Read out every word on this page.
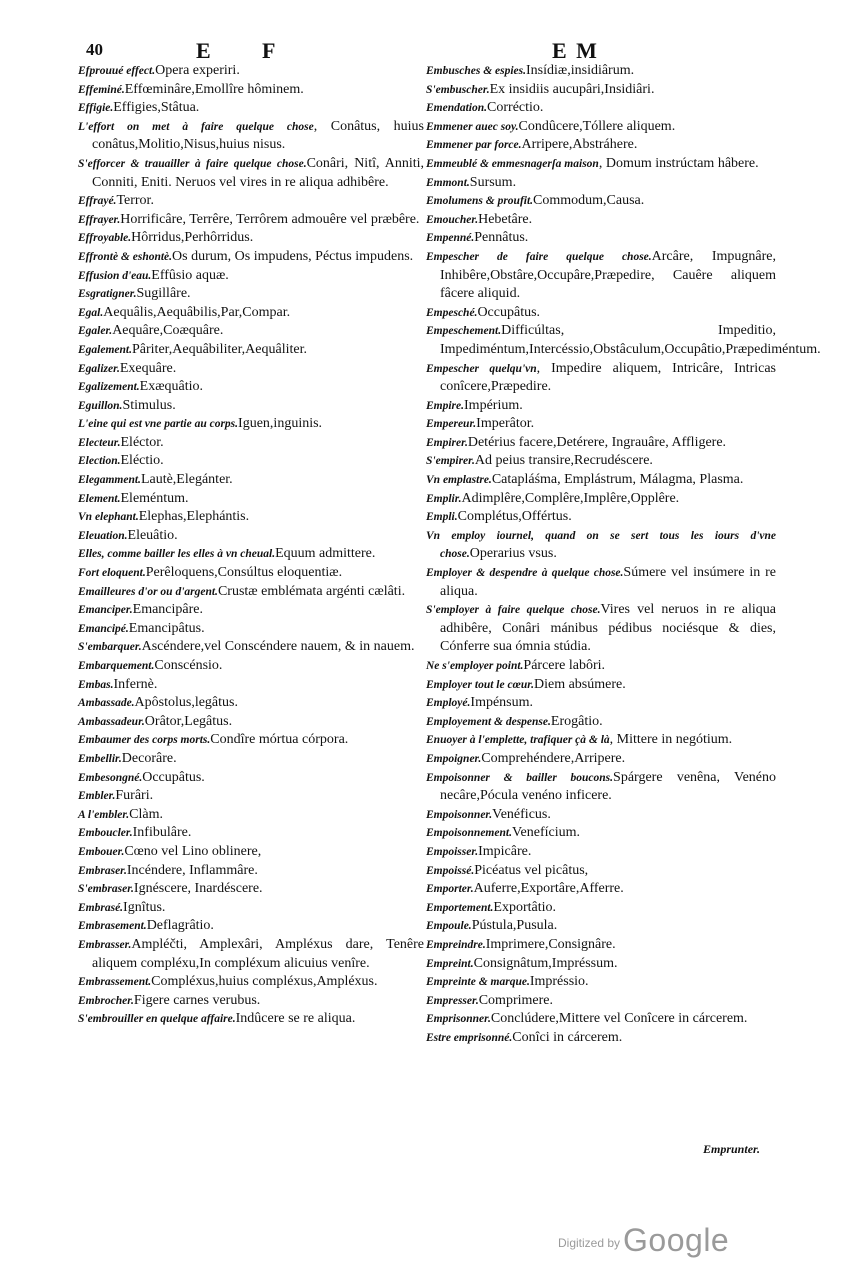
40	E F	E M
Efprouué effect.Opera experiri.
Effeminé.Effœminâre,Emollîre hôminem.
Effigie.Effigies,Stâtua.
L'effort on met à faire quelque chose, Conâtus, huius conâtus,Molitio,Nisus,huius nisus.
S'efforcer & trauailler à faire quelque chose.Conâri, Nitî, Anniti, Conniti, Eniti. Neruos vel vires in re aliqua adhibêre.
Effrayé.Terror.
Effrayer.Horrificâre, Terrêre, Terrôrem admouêre vel præbêre.
Effroyable.Hôrridus,Perhôrridus.
Effrontè & eshontè.Os durum, Os impudens, Péctus impudens.
Effusion d'eau.Effûsio aquæ.
Esgratigner.Sugillâre.
Egal.Aequâlis,Aequâbilis,Par,Compar.
Egaler.Aequâre,Coæquâre.
Egalement.Pâriter,Aequâbiliter,Aequâliter.
Egalizer.Exequâre.
Egalizement.Exæquâtio.
Eguillon.Stimulus.
L'eine qui est vne partie au corps.Iguen,inguinis.
Electeur.Eléctor.
Election.Eléctio.
Elegamment.Lautè,Elegánter.
Element.Eleméntum.
Vn elephant.Elephas,Elephántis.
Eleuation.Eleuâtio.
Elles, comme bailler les elles à vn cheual.Equum admittere.
Fort eloquent.Perêloquens,Consúltus eloquentiæ.
Emailleures d'or ou d'argent.Crustæ emblémata argénti cælâti.
Emanciper.Emancipâre.
Emancipé.Emancipâtus.
S'embarquer.Ascéndere,vel Conscéndere nauem, & in nauem.
Embarquement.Conscénsio.
Embas.Infernè.
Ambassade.Apôstolus,legâtus.
Ambassadeur.Orâtor,Legâtus.
Embaumer des corps morts.Condîre mórtua córpora.
Embellir.Decorâre.
Embesongné.Occupâtus.
Embler.Furâri.
A l'embler.Clàm.
Emboucler.Infibulâre.
Embouer.Cœno vel Lino oblinere,
Embraser.Incéndere, Inflammâre.
S'embraser.Ignéscere, Inardéscere.
Embrasé.Ignîtus.
Embrasement.Deflagrâtio.
Embrasser.Ampléčti, Amplexâri, Ampléxus dare, Tenêre aliquem compléxu,In compléxum alicuius venîre.
Embrassement.Compléxus,huius compléxus,Ampléxus.
Embrocher.Figere carnes verubus.
S'embrouiller en quelque affaire.Indûcere se re aliqua.
Embusches & espies.Insídiæ,insidiârum.
S'embuscher.Ex insidiis aucupâri,Insidiâri.
Emendation.Corréctio.
Emmener auec soy.Condûcere,Tóllere aliquem.
Emmener par force.Arripere,Abstráhere.
Emmeublé & emmesnagerſa maison, Domum instrúctam hâbere.
Emmont.Sursum.
Emolumens & proufit.Commodum,Causa.
Emoucher.Hebetâre.
Empenné.Pennâtus.
Empescher de faire quelque chose.Arcâre, Impugnâre, Inhibêre,Obstâre,Occupâre,Præpedire, Cauêre aliquem fâcere aliquid.
Empesché.Occupâtus.
Empeschement.Difficúltas, Impeditio, Impediméntum,Intercéssio,Obstâculum,Occupâtio,Præpediméntum.
Empescher quelqu'vn, Impedire aliquem, Intricâre, Intricas conîcere,Præpedire.
Empire.Impérium.
Empereur.Imperâtor.
Empirer.Detérius facere,Detérere, Ingrauâre, Affligere.
S'empirer.Ad peius transire,Recrudéscere.
Vn emplastre.Catapláśma, Emplástrum, Málagma, Plasma.
Emplir.Adimplêre,Complêre,Implêre,Opplêre.
Empli.Complétus,Offértus.
Vn employ iournel, quand on se sert tous les iours d'vne chose.Operarius vsus.
Employer & despendre à quelque chose.Súmere vel insúmere in re aliqua.
S'employer à faire quelque chose.Vires vel neruos in re aliqua adhibêre, Conâri mánibus pédibus nociésque & dies, Cónferre sua ómnia stúdia.
Ne s'employer point.Párcere labôri.
Employer tout le cœur.Diem absúmere.
Employé.Impénsum.
Employement & despense.Erogâtio.
Enuoyer à l'emplette, trafiquer çà & là, Mittere in negótium.
Empoigner.Comprehéndere,Arripere.
Empoisonner & bailler boucons.Spárgere venêna, Venéno necâre,Pócula venéno inficere.
Empoisonner.Venéficus.
Empoisonnement.Venefícium.
Empoisser.Impicâre.
Empoissé.Picéatus vel picâtus,
Emporter.Auferre,Exportâre,Afferre.
Emportement.Exportâtio.
Empoule.Pústula,Pusula.
Empreindre.Imprimere,Consignâre.
Empreint.Consignâtum,Impréssum.
Empreinte & marque.Impréssio.
Empresser.Comprimere.
Emprisonner.Conclúdere,Mittere vel Conîcere in cárcerem.
Estre emprisonné.Conîci in cárcerem.
Emprunter.
$^{Digitized by}$Google
